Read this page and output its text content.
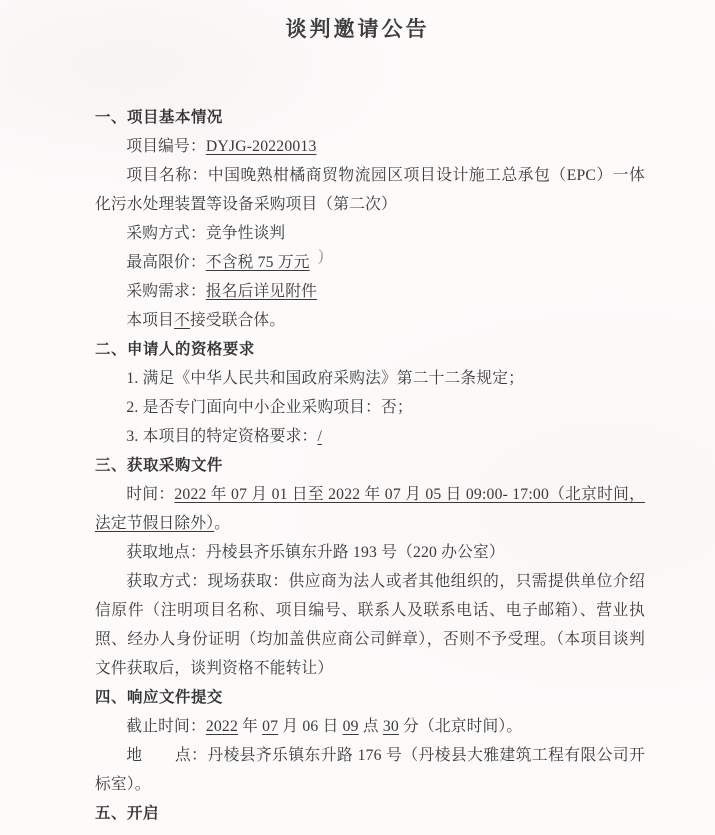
谈判邀请公告
一、项目基本情况

项目编号：DYJG-20220013

项目名称：中国晚熟柑橘商贸物流园区项目设计施工总承包（EPC）一体化污水处理装置等设备采购项目（第二次）

采购方式：竞争性谈判

最高限价：不含税 75 万元

采购需求：报名后详见附件

本项目不接受联合体。

二、申请人的资格要求

1. 满足《中华人民共和国政府采购法》第二十二条规定；

2. 是否专门面向中小企业采购项目：否；

3. 本项目的特定资格要求：/

三、获取采购文件

时间：2022 年 07 月 01 日至 2022 年 07 月 05 日 09:00- 17:00（北京时间，法定节假日除外）。

获取地点：丹棱县齐乐镇东升路 193 号（220 办公室）

获取方式：现场获取：供应商为法人或者其他组织的，只需提供单位介绍信原件（注明项目名称、项目编号、联系人及联系电话、电子邮箱）、营业执照、经办人身份证明（均加盖供应商公司鲜章），否则不予受理。（本项目谈判文件获取后，谈判资格不能转让）

四、响应文件提交

截止时间：2022 年 07 月 06 日 09 点 30 分（北京时间）。

地　　点：丹棱县齐乐镇东升路 176 号（丹棱县大雅建筑工程有限公司开标室）。

五、开启
)
